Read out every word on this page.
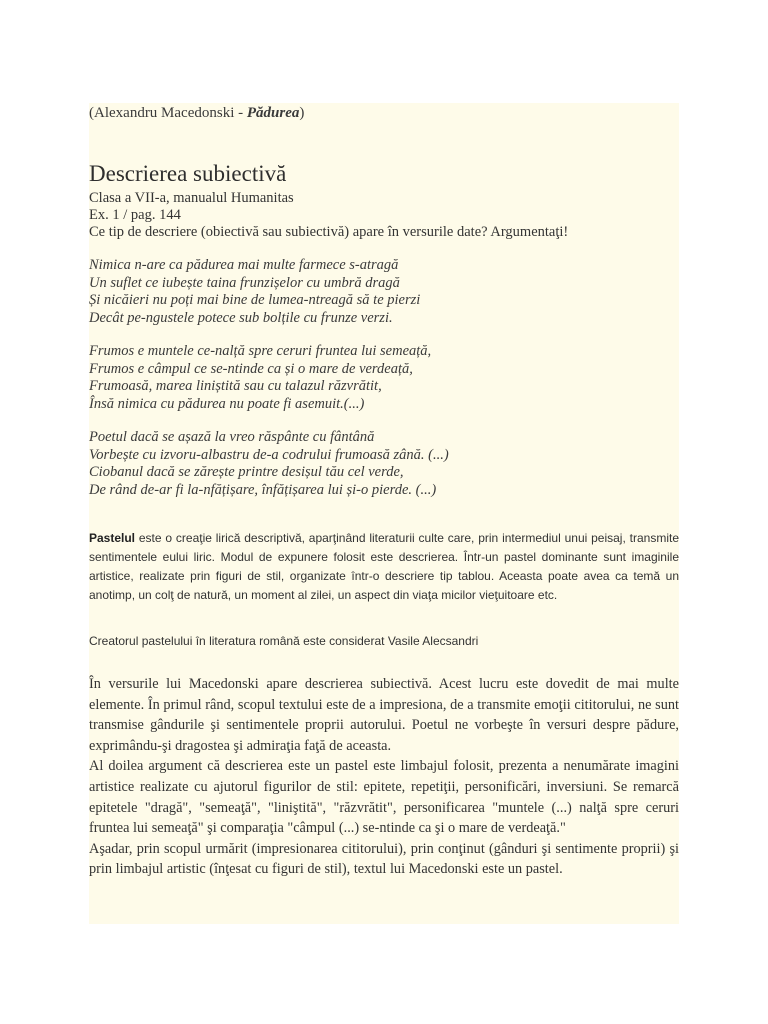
(Alexandru Macedonski - Pădurea)

Descrierea subiectivă

Clasa a VII-a, manualul Humanitas

Ex. 1 / pag. 144

Ce tip de descriere (obiectivă sau subiectivă) apare în versurile date? Argumentaţi!

Nimica n-are ca pădurea mai multe farmece s-atragă

Un suflet ce iubește taina frunzișelor cu umbră dragă

Și nicăieri nu poți mai bine de lumea-ntreagă să te pierzi

Decât pe-ngustele potece sub bolțile cu frunze verzi.

Frumos e muntele ce-nalță spre ceruri fruntea lui semeață,

Frumos e câmpul ce se-ntinde ca și o mare de verdeață,

Frumoasă, marea liniștită sau cu talazul răzvrătit,

Însă nimica cu pădurea nu poate fi asemuit.(...)

Poetul dacă se așază la vreo răspânte cu fântână

Vorbește cu izvoru-albastru de-a codrului frumoasă zână. (...)

Ciobanul dacă se zărește printre desișul tău cel verde,

De rând de-ar fi la-nfățișare, înfățișarea lui și-o pierde. (...)

Pastelul este o creaţie lirică descriptivă, aparţinând literaturii culte care, prin intermediul unui peisaj, transmite sentimentele eului liric. Modul de expunere folosit este descrierea. Într-un pastel dominante sunt imaginile artistice, realizate prin figuri de stil, organizate într-o descriere tip tablou. Aceasta poate avea ca temă un anotimp, un colţ de natură, un moment al zilei, un aspect din viaţa micilor vieţuitoare etc.

Creatorul pastelului în literatura română este considerat Vasile Alecsandri

În versurile lui Macedonski apare descrierea subiectivă. Acest lucru este dovedit de mai multe elemente. În primul rând, scopul textului este de a impresiona, de a transmite emoţii cititorului, ne sunt transmise gândurile şi sentimentele proprii autorului. Poetul ne vorbeşte în versuri despre pădure, exprimându-şi dragostea şi admiraţia faţă de aceasta.

Al doilea argument că descrierea este un pastel este limbajul folosit, prezenta a nenumărate imagini artistice realizate cu ajutorul figurilor de stil: epitete, repetiţii, personificări, inversiuni. Se remarcă epitetele "dragă", "semeaţă", "liniştită", "răzvrătit", personificarea "muntele (...) nalţă spre ceruri fruntea lui semeaţă" şi comparaţia "câmpul (...) se-ntinde ca şi o mare de verdeaţă."

Aşadar, prin scopul urmărit (impresionarea cititorului), prin conţinut (gânduri şi sentimente proprii) şi prin limbajul artistic (înţesat cu figuri de stil), textul lui Macedonski este un pastel.
